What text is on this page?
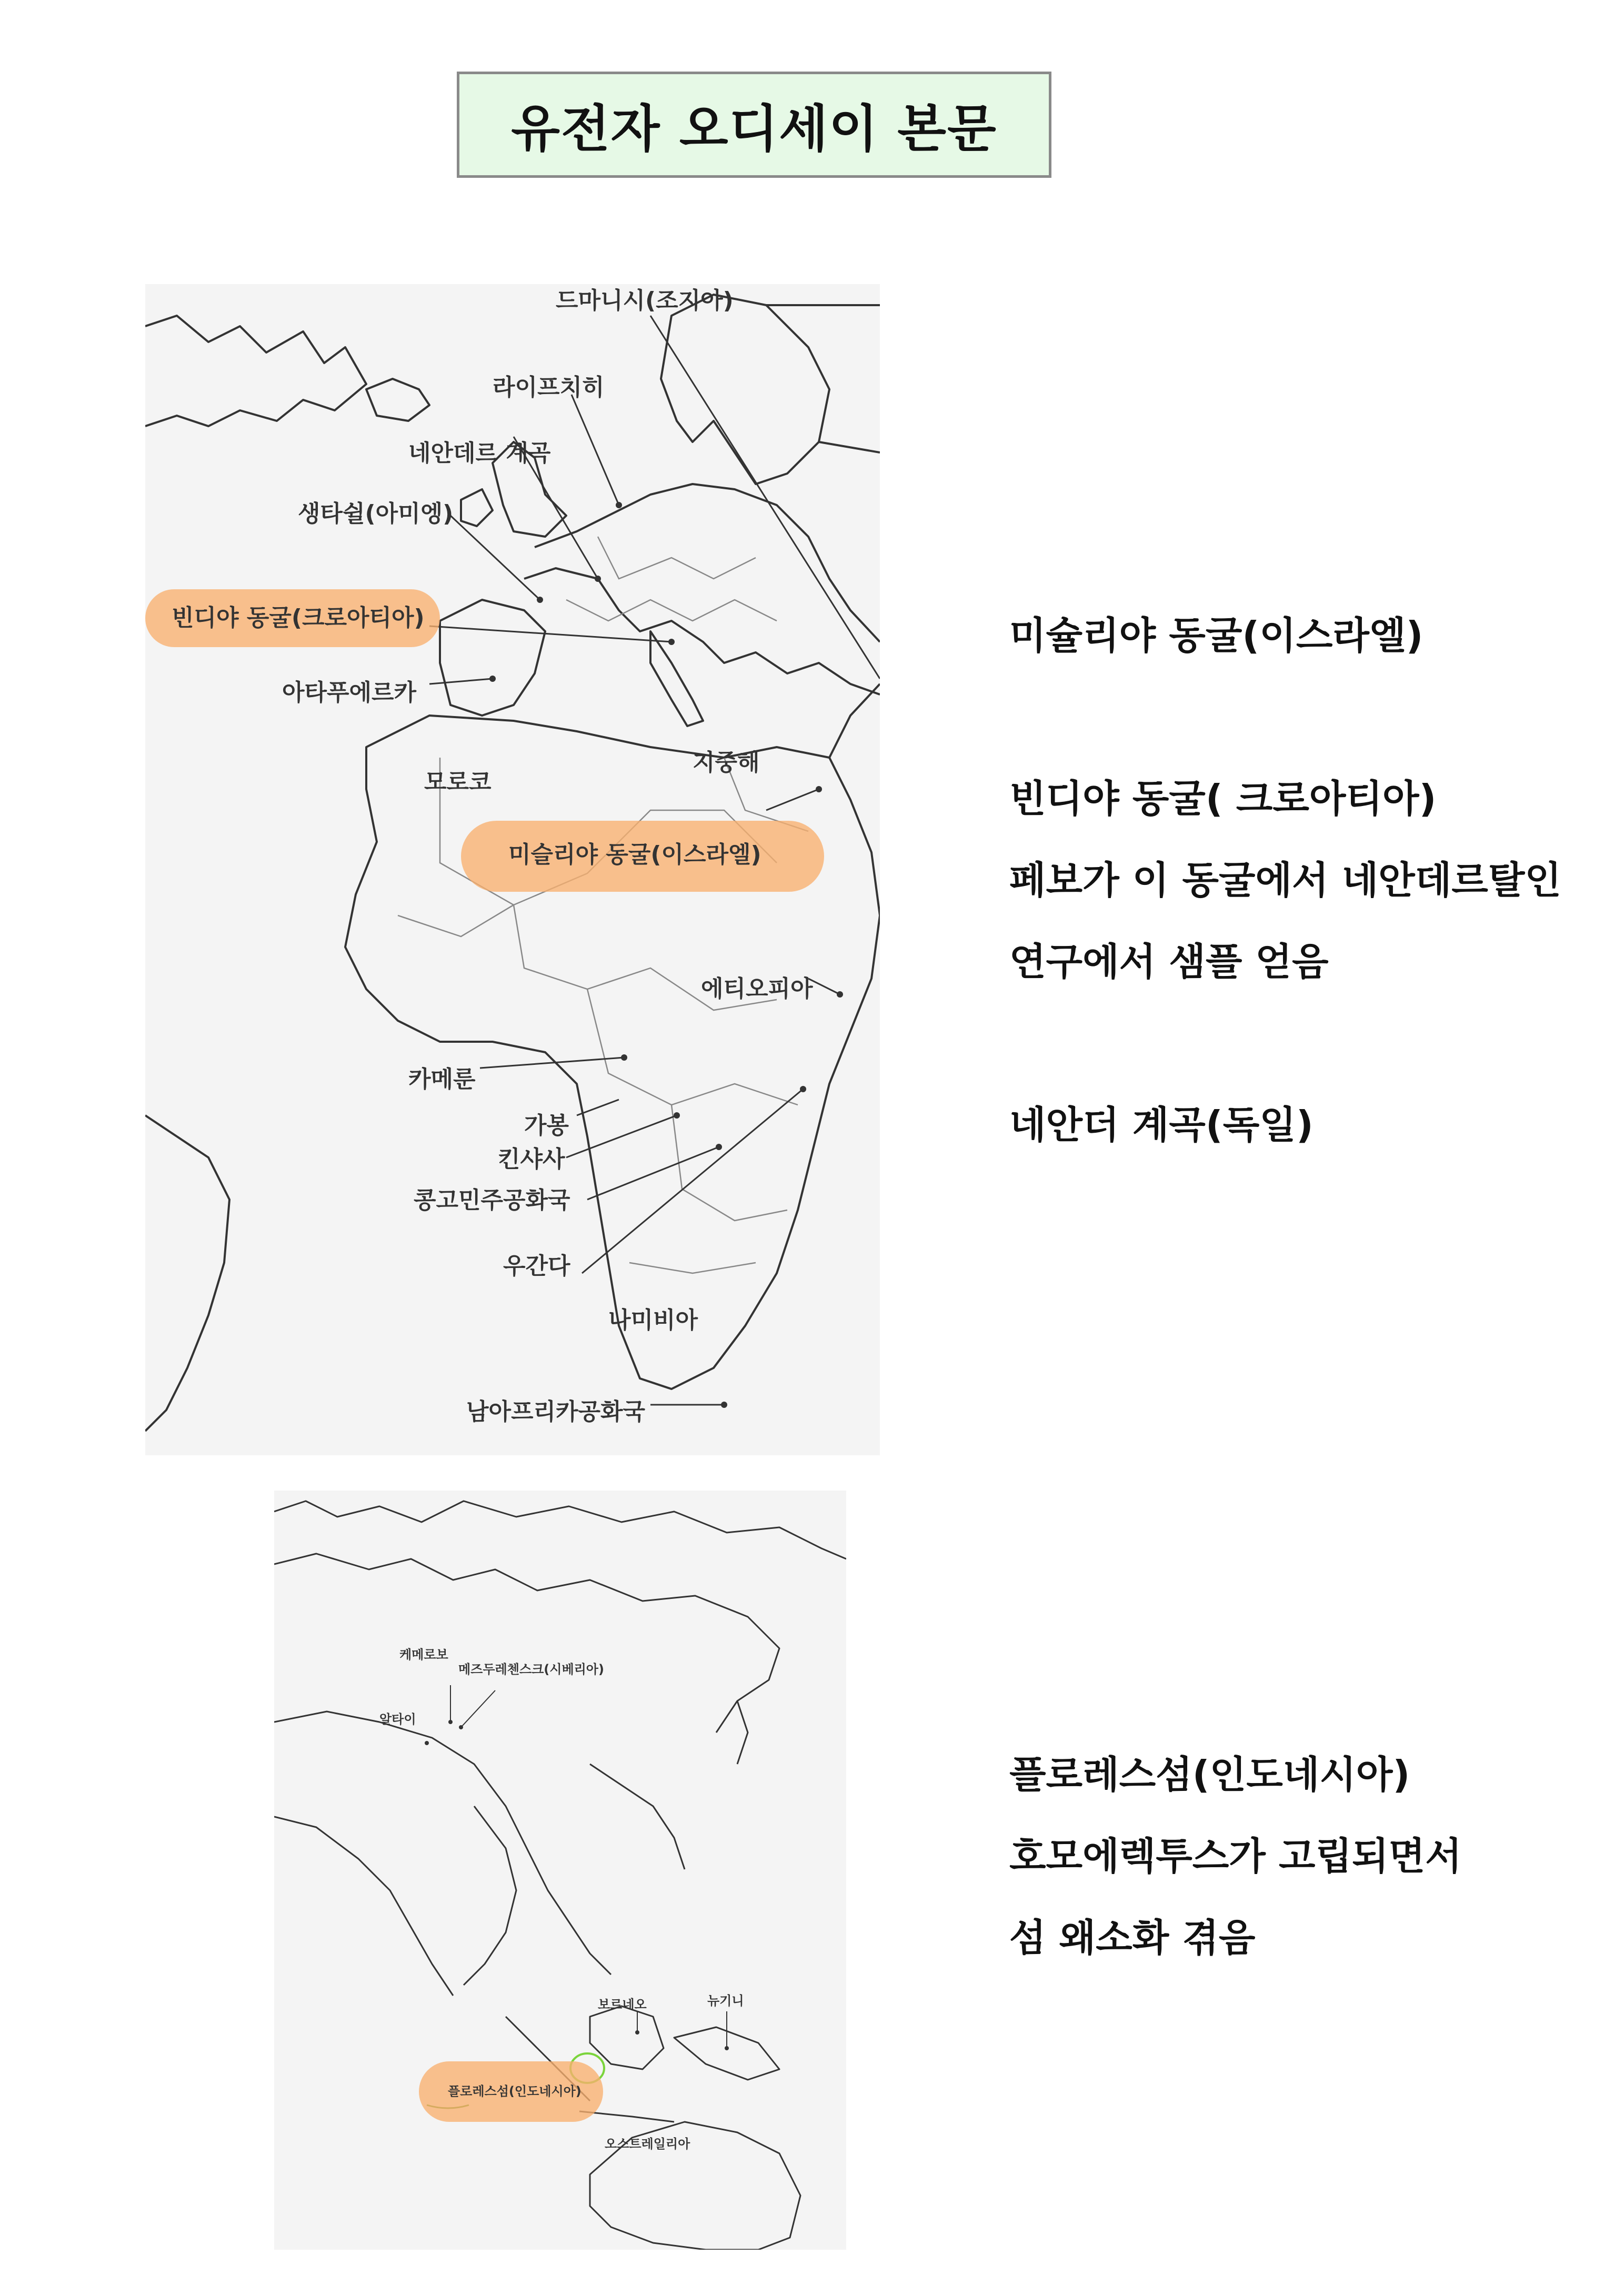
유전자 오디세이 본문
드마니시(조지아)
라이프치히
네안데르 계곡
생타쉴(아미엥)
빈디야 동굴(크로아티아)
아타푸에르카
지중해
모로코
미슬리야 동굴(이스라엘)
에티오피아
카메룬
가봉
킨샤사
콩고민주공화국
우간다
나미비아
남아프리카공화국
케메로보
메즈두레첸스크(시베리아)
알타이
보르네오	뉴기니
플로레스섬(인도네시아)
오스트레일리아
미슐리야 동굴(이스라엘)
빈디야 동굴( 크로아티아)
페보가 이 동굴에서 네안데르탈인
연구에서 샘플 얻음
네안더 계곡(독일)
플로레스섬(인도네시아)
호모에렉투스가 고립되면서
섬 왜소화 겪음
